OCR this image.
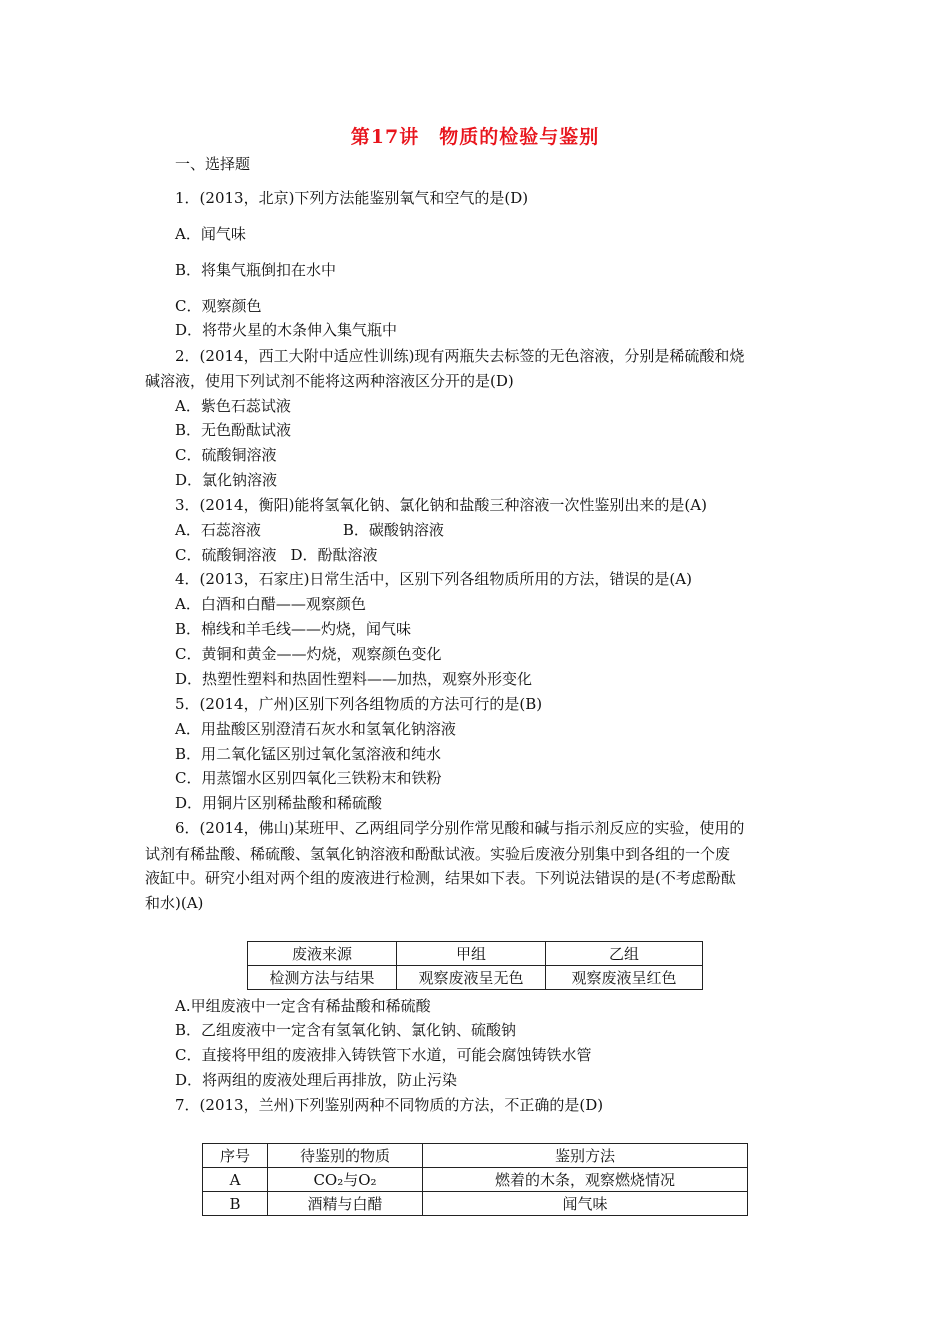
第17讲　物质的检验与鉴别
一、选择题
1．(2013，北京)下列方法能鉴别氧气和空气的是(D)
A．闻气味
B．将集气瓶倒扣在水中
C．观察颜色
D．将带火星的木条伸入集气瓶中
2．(2014，西工大附中适应性训练)现有两瓶失去标签的无色溶液，分别是稀硫酸和烧
碱溶液，使用下列试剂不能将这两种溶液区分开的是(D)
A．紫色石蕊试液
B．无色酚酞试液
C．硫酸铜溶液
D．氯化钠溶液
3．(2014，衡阳)能将氢氧化钠、氯化钠和盐酸三种溶液一次性鉴别出来的是(A)
A．石蕊溶液	B．碳酸钠溶液
C．硫酸铜溶液 D．酚酞溶液
4．(2013，石家庄)日常生活中，区别下列各组物质所用的方法，错误的是(A)
A．白酒和白醋——观察颜色
B．棉线和羊毛线——灼烧，闻气味
C．黄铜和黄金——灼烧，观察颜色变化
D．热塑性塑料和热固性塑料——加热，观察外形变化
5．(2014，广州)区别下列各组物质的方法可行的是(B)
A．用盐酸区别澄清石灰水和氢氧化钠溶液
B．用二氧化锰区别过氧化氢溶液和纯水
C．用蒸馏水区别四氧化三铁粉末和铁粉
D．用铜片区别稀盐酸和稀硫酸
6．(2014，佛山)某班甲、乙两组同学分别作常见酸和碱与指示剂反应的实验，使用的
试剂有稀盐酸、稀硫酸、氢氧化钠溶液和酚酞试液。实验后废液分别集中到各组的一个废
液缸中。研究小组对两个组的废液进行检测，结果如下表。下列说法错误的是(不考虑酚酞
和水)(A)
废液来源	甲组	乙组
检测方法与结果	观察废液呈无色	观察废液呈红色
A.甲组废液中一定含有稀盐酸和稀硫酸
B．乙组废液中一定含有氢氧化钠、氯化钠、硫酸钠
C．直接将甲组的废液排入铸铁管下水道，可能会腐蚀铸铁水管
D．将两组的废液处理后再排放，防止污染
7．(2013，兰州)下列鉴别两种不同物质的方法，不正确的是(D)
序号	待鉴别的物质	鉴别方法
A	CO₂与O₂	燃着的木条，观察燃烧情况
B	酒精与白醋	闻气味
